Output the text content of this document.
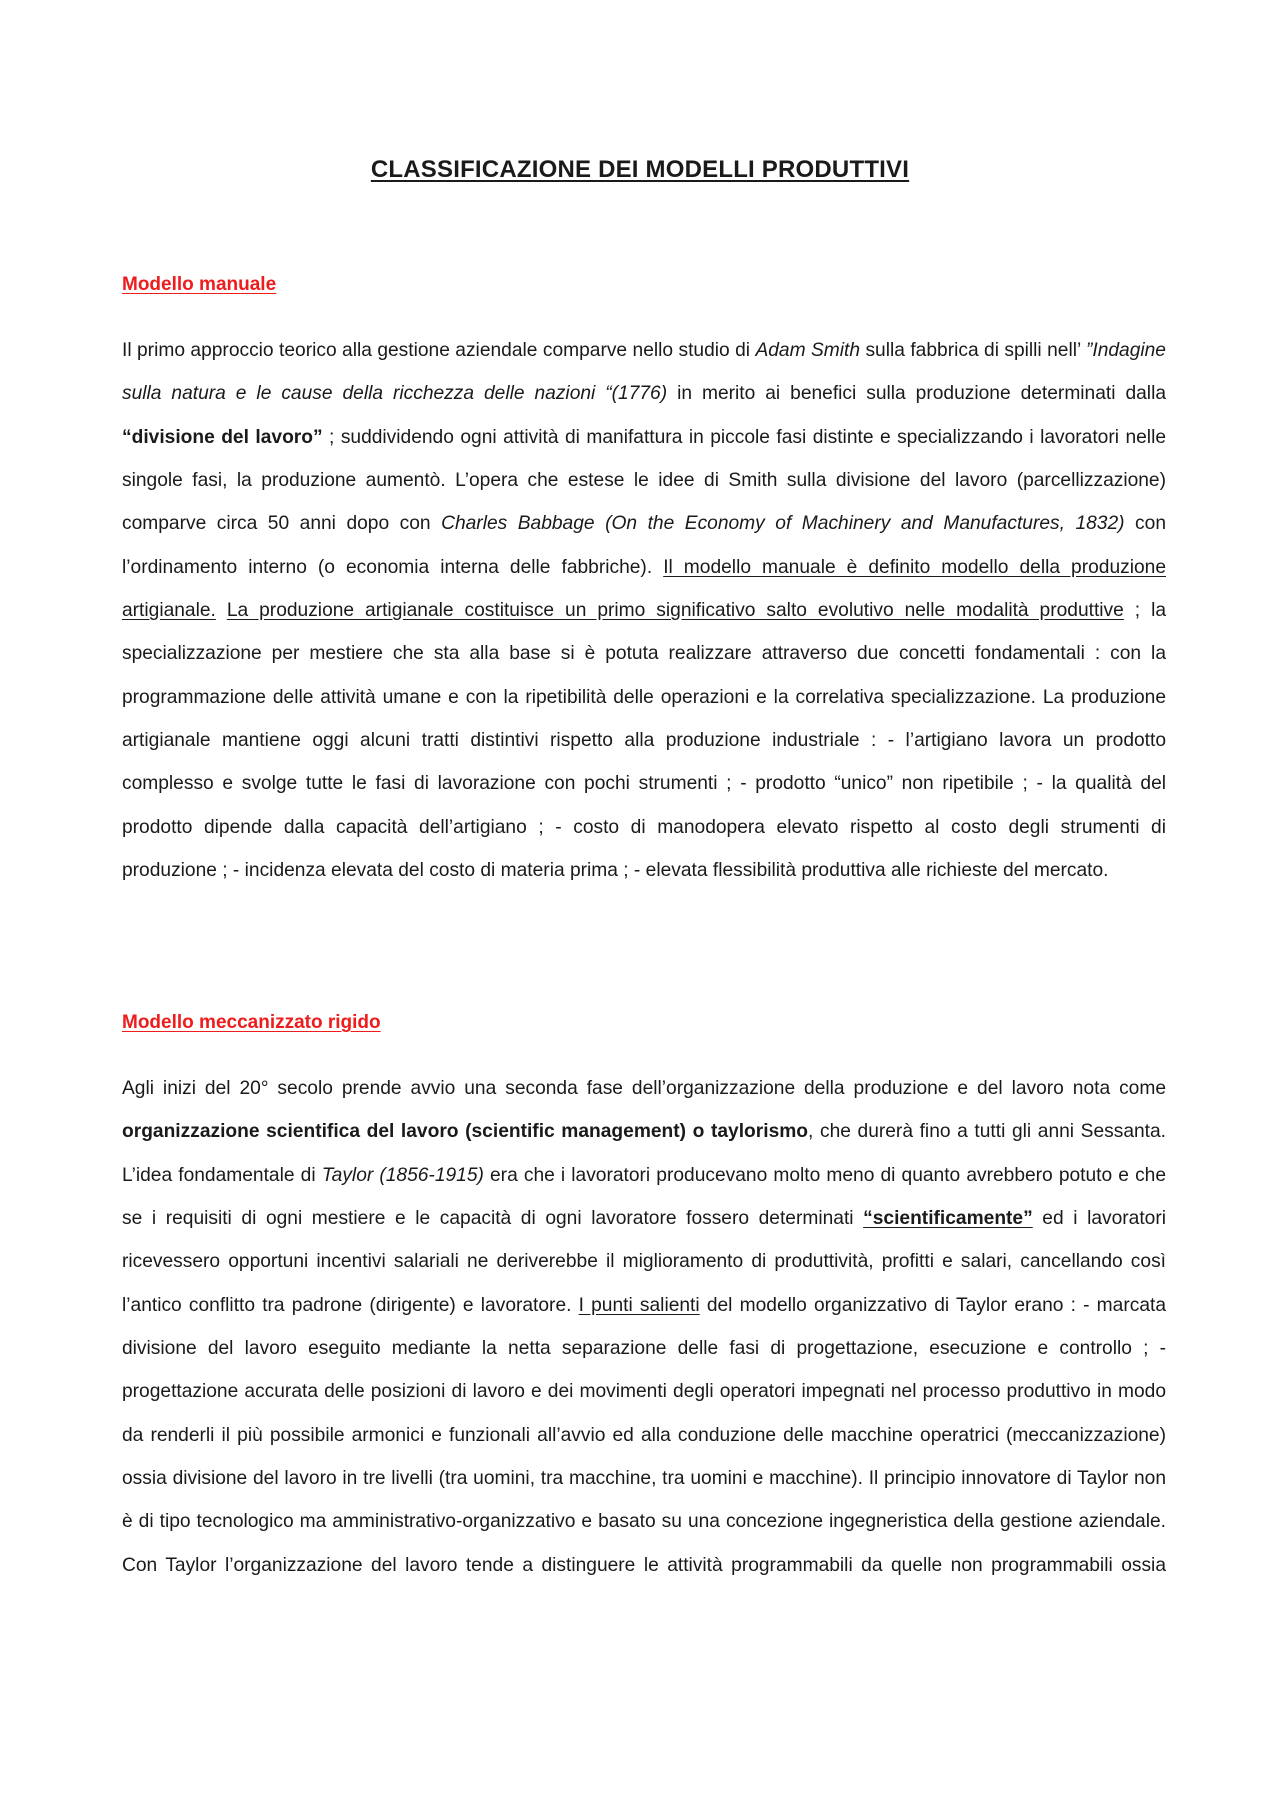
CLASSIFICAZIONE DEI MODELLI PRODUTTIVI
Modello manuale
Il primo approccio teorico alla gestione aziendale comparve nello studio di Adam Smith sulla fabbrica di spilli nell’ ”Indagine sulla natura e le cause della ricchezza delle nazioni “(1776) in merito ai benefici sulla produzione determinati dalla “divisione del lavoro” ; suddividendo ogni attività di manifattura in piccole fasi distinte e specializzando i lavoratori nelle singole fasi, la produzione aumentò. L’opera che estese le idee di Smith sulla divisione del lavoro (parcellizzazione) comparve circa 50 anni dopo con Charles Babbage (On the Economy of Machinery and Manufactures, 1832) con l’ordinamento interno (o economia interna delle fabbriche). Il modello manuale è definito modello della produzione artigianale. La produzione artigianale costituisce un primo significativo salto evolutivo nelle modalità produttive ; la specializzazione per mestiere che sta alla base si è potuta realizzare attraverso due concetti fondamentali : con la programmazione delle attività umane e con la ripetibilità delle operazioni e la correlativa specializzazione. La produzione artigianale mantiene oggi alcuni tratti distintivi rispetto alla produzione industriale : - l’artigiano lavora un prodotto complesso e svolge tutte le fasi di lavorazione con pochi strumenti ; - prodotto “unico” non ripetibile ; - la qualità del prodotto dipende dalla capacità dell’artigiano ; - costo di manodopera elevato rispetto al costo degli strumenti di produzione ; - incidenza elevata del costo di materia prima ; - elevata flessibilità produttiva alle richieste del mercato.
Modello meccanizzato rigido
Agli inizi del 20° secolo prende avvio una seconda fase dell’organizzazione della produzione e del lavoro nota come organizzazione scientifica del lavoro (scientific management) o taylorismo, che durerà fino a tutti gli anni Sessanta. L’idea fondamentale di Taylor (1856-1915) era che i lavoratori producevano molto meno di quanto avrebbero potuto e che se i requisiti di ogni mestiere e le capacità di ogni lavoratore fossero determinati “scientificamente” ed i lavoratori ricevessero opportuni incentivi salariali ne deriverebbe il miglioramento di produttività, profitti e salari, cancellando così l’antico conflitto tra padrone (dirigente) e lavoratore. I punti salienti del modello organizzativo di Taylor erano : - marcata divisione del lavoro eseguito mediante la netta separazione delle fasi di progettazione, esecuzione e controllo ; - progettazione accurata delle posizioni di lavoro e dei movimenti degli operatori impegnati nel processo produttivo in modo da renderli il più possibile armonici e funzionali all’avvio ed alla conduzione delle macchine operatrici (meccanizzazione) ossia divisione del lavoro in tre livelli (tra uomini, tra macchine, tra uomini e macchine). Il principio innovatore di Taylor non è di tipo tecnologico ma amministrativo-organizzativo e basato su una concezione ingegneristica della gestione aziendale. Con Taylor l’organizzazione del lavoro tende a distinguere le attività programmabili da quelle non programmabili ossia
